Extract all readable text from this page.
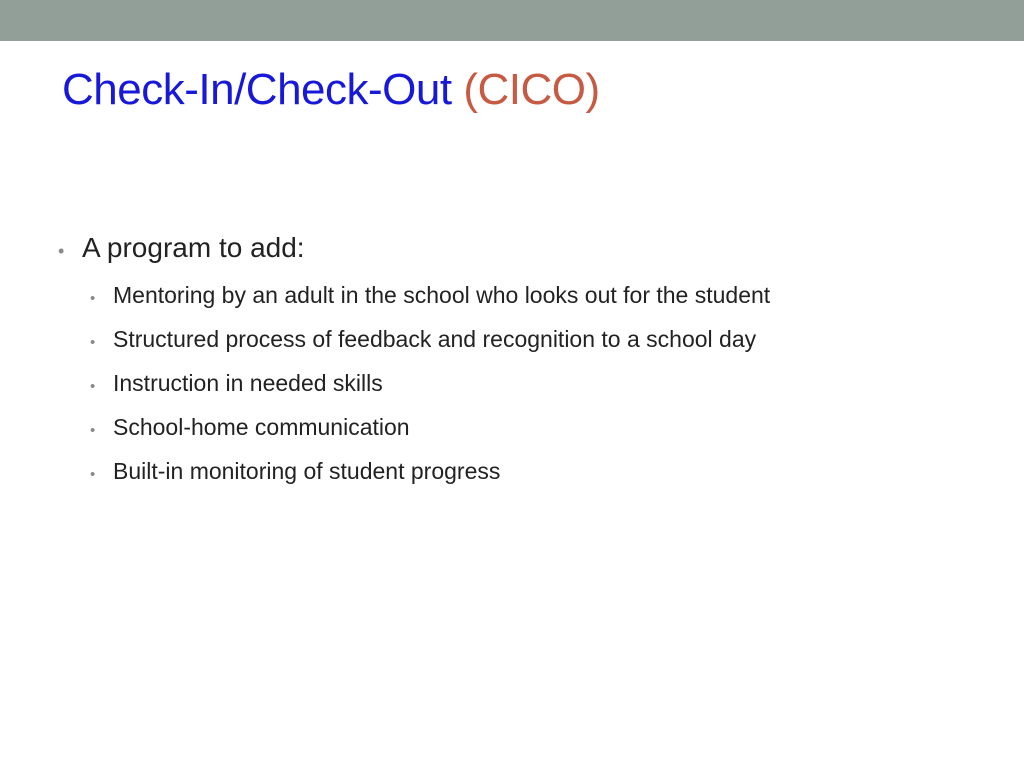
Check-In/Check-Out (CICO)
• A program to add:
• Mentoring by an adult in the school who looks out for the student
• Structured process of feedback and recognition to a school day
• Instruction in needed skills
• School-home communication
• Built-in monitoring of student progress
